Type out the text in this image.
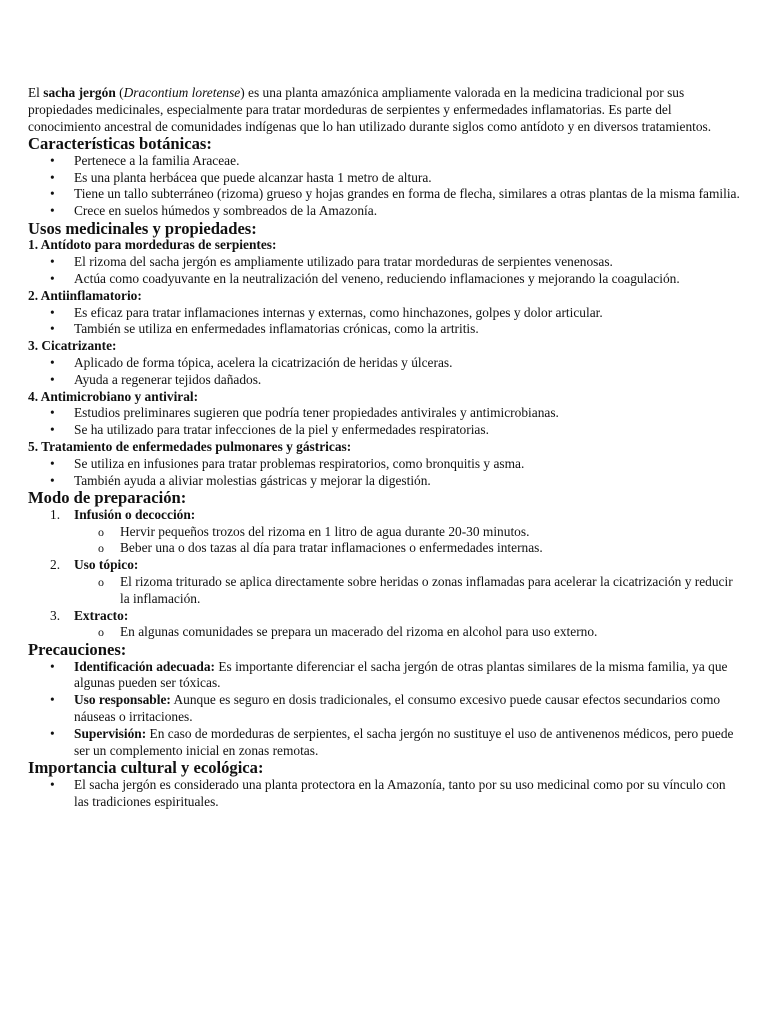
El sacha jergón (Dracontium loretense) es una planta amazónica ampliamente valorada en la medicina tradicional por sus propiedades medicinales, especialmente para tratar mordeduras de serpientes y enfermedades inflamatorias. Es parte del conocimiento ancestral de comunidades indígenas que lo han utilizado durante siglos como antídoto y en diversos tratamientos.

Características botánicas:
• Pertenece a la familia Araceae.
• Es una planta herbácea que puede alcanzar hasta 1 metro de altura.
• Tiene un tallo subterráneo (rizoma) grueso y hojas grandes en forma de flecha, similares a otras plantas de la misma familia.
• Crece en suelos húmedos y sombreados de la Amazonía.
Usos medicinales y propiedades:
1. Antídoto para mordeduras de serpientes:
• El rizoma del sacha jergón es ampliamente utilizado para tratar mordeduras de serpientes venenosas.
• Actúa como coadyuvante en la neutralización del veneno, reduciendo inflamaciones y mejorando la coagulación.
2. Antiinflamatorio:
• Es eficaz para tratar inflamaciones internas y externas, como hinchazones, golpes y dolor articular.
• También se utiliza en enfermedades inflamatorias crónicas, como la artritis.
3. Cicatrizante:
• Aplicado de forma tópica, acelera la cicatrización de heridas y úlceras.
• Ayuda a regenerar tejidos dañados.
4. Antimicrobiano y antiviral:
• Estudios preliminares sugieren que podría tener propiedades antivirales y antimicrobianas.
• Se ha utilizado para tratar infecciones de la piel y enfermedades respiratorias.
5. Tratamiento de enfermedades pulmonares y gástricas:
• Se utiliza en infusiones para tratar problemas respiratorios, como bronquitis y asma.
• También ayuda a aliviar molestias gástricas y mejorar la digestión.
Modo de preparación:
1. Infusión o decocción:
o Hervir pequeños trozos del rizoma en 1 litro de agua durante 20-30 minutos.
o Beber una o dos tazas al día para tratar inflamaciones o enfermedades internas.
2. Uso tópico:
o El rizoma triturado se aplica directamente sobre heridas o zonas inflamadas para acelerar la cicatrización y reducir la inflamación.
3. Extracto:
o En algunas comunidades se prepara un macerado del rizoma en alcohol para uso externo.
Precauciones:
• Identificación adecuada: Es importante diferenciar el sacha jergón de otras plantas similares de la misma familia, ya que algunas pueden ser tóxicas.
• Uso responsable: Aunque es seguro en dosis tradicionales, el consumo excesivo puede causar efectos secundarios como náuseas o irritaciones.
• Supervisión: En caso de mordeduras de serpientes, el sacha jergón no sustituye el uso de antivenenos médicos, pero puede ser un complemento inicial en zonas remotas.
Importancia cultural y ecológica:
• El sacha jergón es considerado una planta protectora en la Amazonía, tanto por su uso medicinal como por su vínculo con las tradiciones espirituales.
